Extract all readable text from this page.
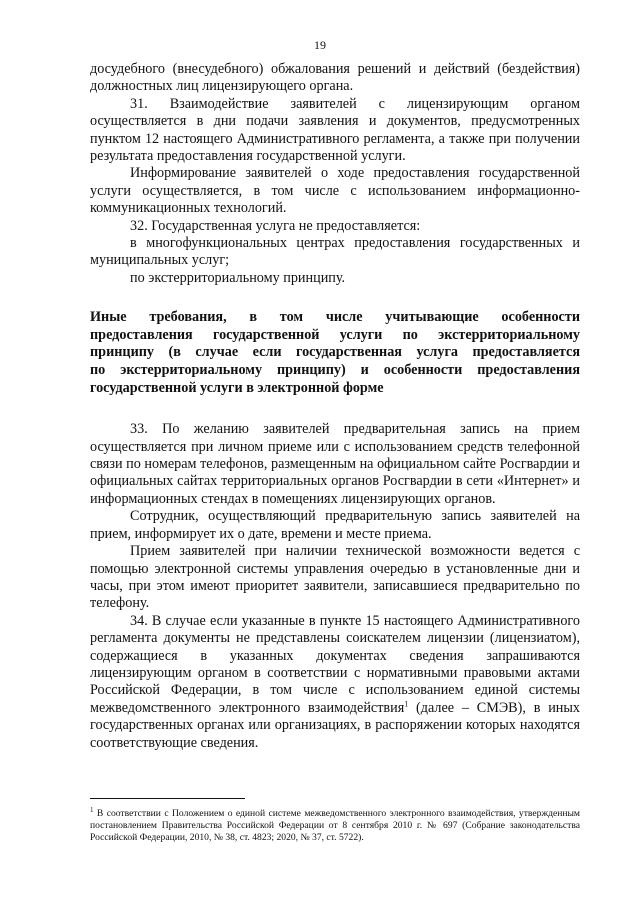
19

досудебного (внесудебного) обжалования решений и действий (бездействия) должностных лиц лицензирующего органа.

31. Взаимодействие заявителей с лицензирующим органом осуществляется в дни подачи заявления и документов, предусмотренных пунктом 12 настоящего Административного регламента, а также при получении результата предоставления государственной услуги.

Информирование заявителей о ходе предоставления государственной услуги осуществляется, в том числе с использованием информационно-коммуникационных технологий.

32. Государственная услуга не предоставляется:

в многофункциональных центрах предоставления государственных и муниципальных услуг;

по экстерриториальному принципу.

Иные требования, в том числе учитывающие особенности
предоставления государственной услуги по экстерриториальному
принципу (в случае если государственная услуга предоставляется
по экстерриториальному принципу) и особенности предоставления
государственной услуги в электронной форме

33. По желанию заявителей предварительная запись на прием осуществляется при личном приеме или с использованием средств телефонной связи по номерам телефонов, размещенным на официальном сайте Росгвардии и официальных сайтах территориальных органов Росгвардии в сети «Интернет» и информационных стендах в помещениях лицензирующих органов.

Сотрудник, осуществляющий предварительную запись заявителей на прием, информирует их о дате, времени и месте приема.

Прием заявителей при наличии технической возможности ведется с помощью электронной системы управления очередью в установленные дни и часы, при этом имеют приоритет заявители, записавшиеся предварительно по телефону.

34. В случае если указанные в пункте 15 настоящего Административного регламента документы не представлены соискателем лицензии (лицензиатом), содержащиеся в указанных документах сведения запрашиваются лицензирующим органом в соответствии с нормативными правовыми актами Российской Федерации, в том числе с использованием единой системы межведомственного электронного взаимодействия$^1$ (далее – СМЭВ), в иных государственных органах или организациях, в распоряжении которых находятся соответствующие сведения.

$^1$ В соответствии с Положением о единой системе межведомственного электронного взаимодействия, утвержденным постановлением Правительства Российской Федерации от 8 сентября 2010 г. № 697 (Собрание законодательства Российской Федерации, 2010, № 38, ст. 4823; 2020, № 37, ст. 5722).
